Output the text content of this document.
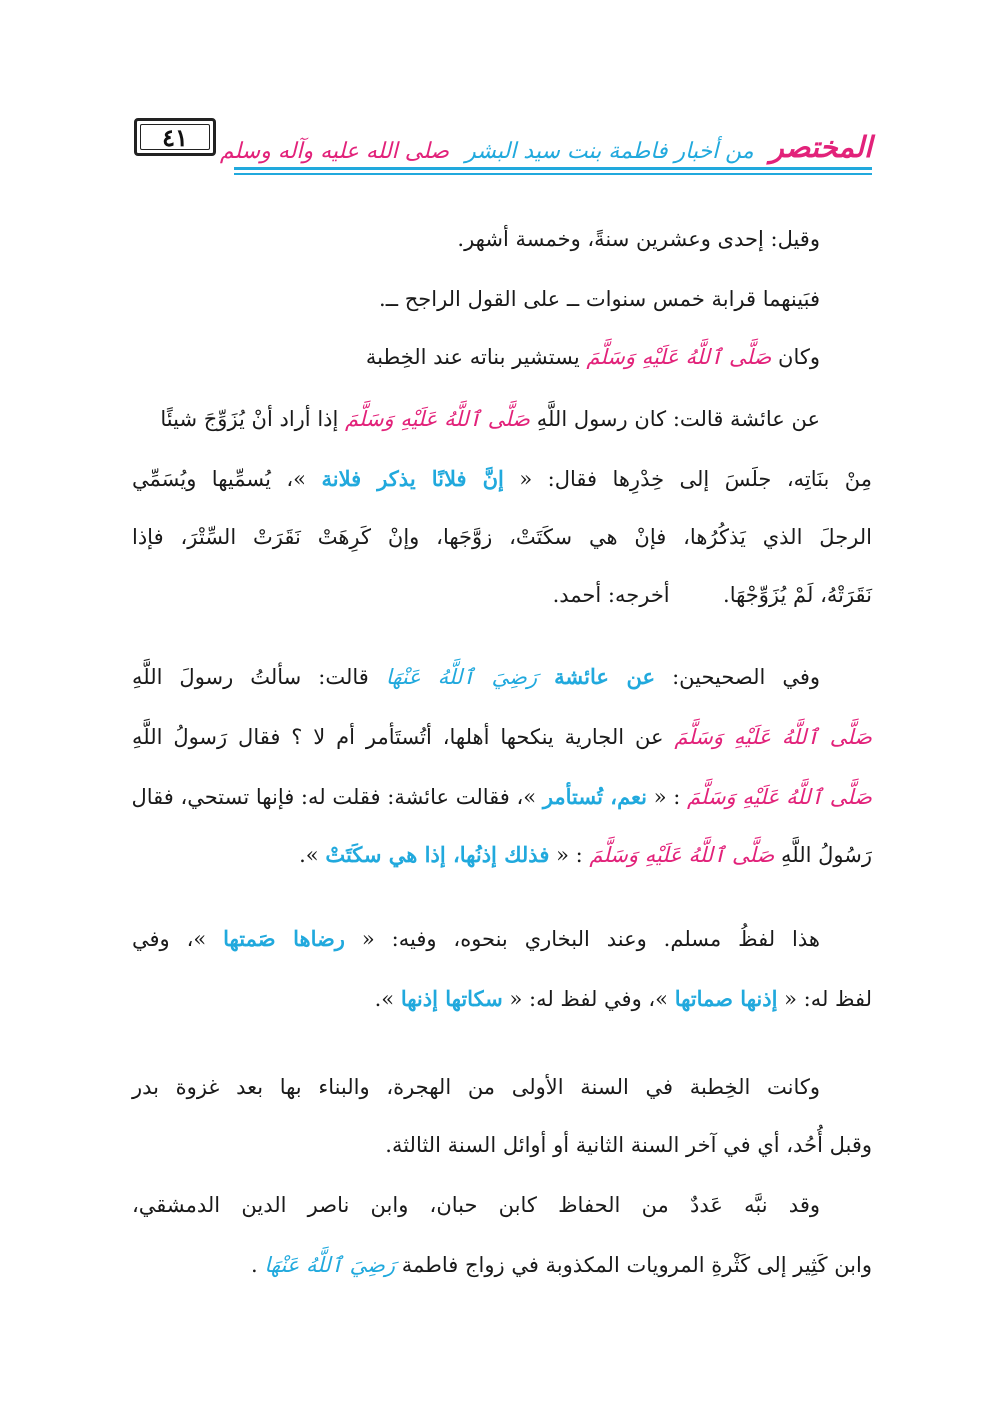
٤١	المختصر
من أخبار فاطمة بنت سيد البشر
صلى الله عليه وآله وسلم
وقيل: إحدى وعشرين سنةً، وخمسة أشهر.
فبَينهما قرابة خمس سنوات ــ على القول الراجح ــ.
وكان صَلَّى ٱللَّهُ عَلَيْهِ وَسَلَّمَ يستشير بناته عند الخِطبة
عن عائشة قالت: كان رسول اللَّهِ صَلَّى ٱللَّهُ عَلَيْهِ وَسَلَّمَ إذا أراد أنْ يُزَوِّجَ شيئًا
مِنْ بنَاتِه، جلَسَ إلى خِدْرِها فقال: « إنَّ فلانًا يذكر فلانة »، يُسمِّيها ويُسَمِّي
الرجلَ الذي يَذكُرُها، فإنْ هي سكَتَتْ، زوَّجَها، وإنْ كَرِهَتْ نَقَرَتْ السِّتْرَ، فإذا
نَقَرَتْهُ، لَمْ يُزَوِّجْهَا.  أخرجه: أحمد.
وفي الصحيحين: عن عائشة رَضِيَ ٱللَّهُ عَنْهَا قالت: سألتُ رسولَ اللَّهِ
صَلَّى ٱللَّهُ عَلَيْهِ وَسَلَّمَ عن الجارية ينكحها أهلها، أتُستَأمر أم لا ؟ فقال رَسولُ اللَّهِ
صَلَّى ٱللَّهُ عَلَيْهِ وَسَلَّمَ : « نعم، تُستأمر »، فقالت عائشة: فقلت له: فإنها تستحي، فقال
رَسُولُ اللَّهِ صَلَّى ٱللَّهُ عَلَيْهِ وَسَلَّمَ : « فذلك إذنُها، إذا هي سكَتَتْ ».
هذا لفظُ مسلم. وعند البخاري بنحوه، وفيه: « رضاها صَمتها »، وفي
لفظ له: « إذنها صماتها »، وفي لفظ له: « سكاتها إذنها ».
وكانت الخِطبة في السنة الأولى من الهجرة، والبناء بها بعد غزوة بدر
وقبل أُحُد، أي في آخر السنة الثانية أو أوائل السنة الثالثة.
وقد نبَّه عَددٌ من الحفاظ كابن حبان، وابن ناصر الدين الدمشقي،
وابن كَثِير إلى كَثْرةِ المرويات المكذوبة في زواج فاطمة رَضِيَ ٱللَّهُ عَنْهَا .
